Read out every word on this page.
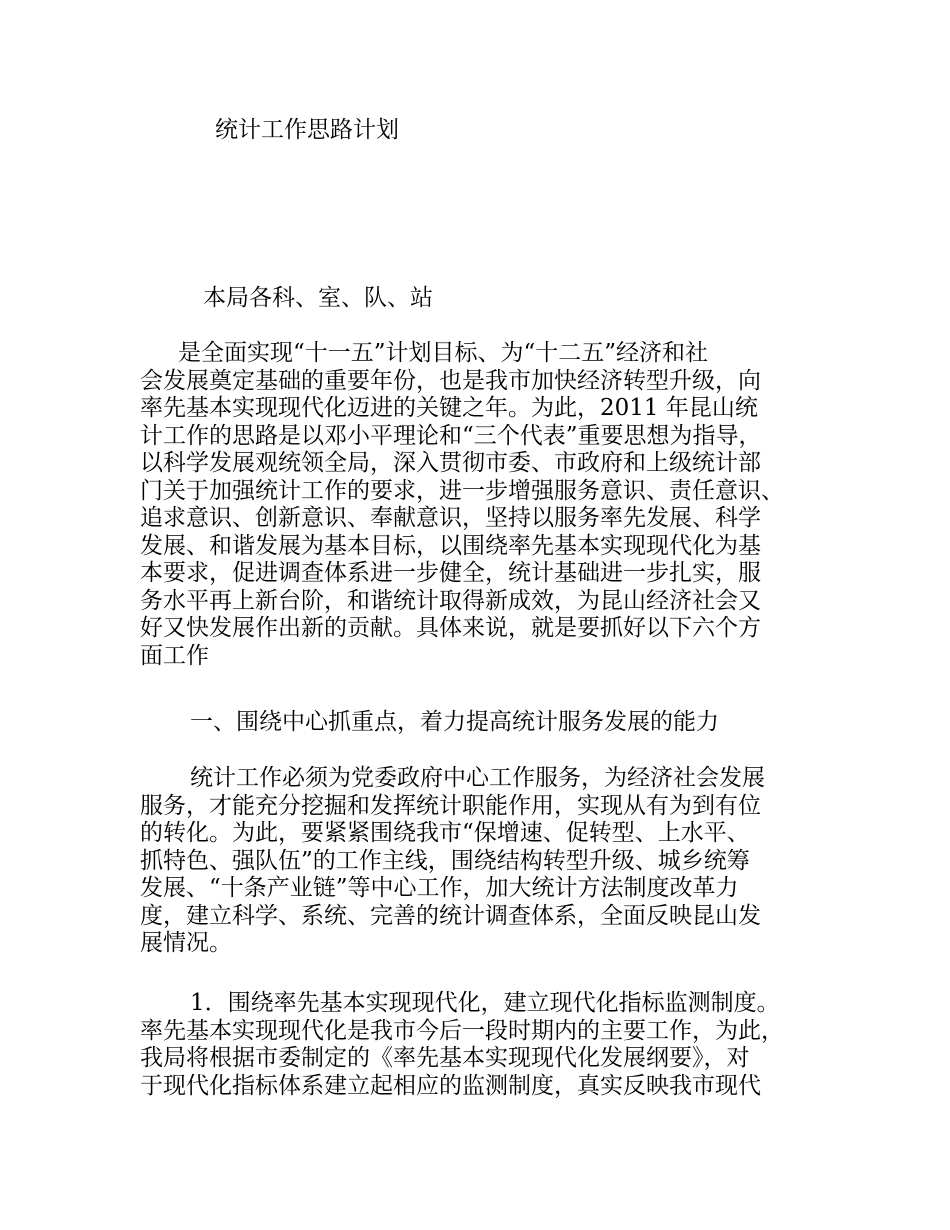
统计工作思路计划
本局各科、室、队、站
是全面实现“十一五”计划目标、为“十二五”经济和社
会发展奠定基础的重要年份，也是我市加快经济转型升级，向
率先基本实现现代化迈进的关键之年。为此，2011 年昆山统
计工作的思路是以邓小平理论和“三个代表”重要思想为指导，
以科学发展观统领全局，深入贯彻市委、市政府和上级统计部
门关于加强统计工作的要求，进一步增强服务意识、责任意识、
追求意识、创新意识、奉献意识，坚持以服务率先发展、科学
发展、和谐发展为基本目标，以围绕率先基本实现现代化为基
本要求，促进调查体系进一步健全，统计基础进一步扎实，服
务水平再上新台阶，和谐统计取得新成效，为昆山经济社会又
好又快发展作出新的贡献。具体来说，就是要抓好以下六个方
面工作
一、围绕中心抓重点，着力提高统计服务发展的能力
统计工作必须为党委政府中心工作服务，为经济社会发展
服务，才能充分挖掘和发挥统计职能作用，实现从有为到有位
的转化。为此，要紧紧围绕我市“保增速、促转型、上水平、
抓特色、强队伍”的工作主线，围绕结构转型升级、城乡统筹
发展、“十条产业链”等中心工作，加大统计方法制度改革力
度，建立科学、系统、完善的统计调查体系，全面反映昆山发
展情况。
1．围绕率先基本实现现代化，建立现代化指标监测制度。
率先基本实现现代化是我市今后一段时期内的主要工作，为此，
我局将根据市委制定的《率先基本实现现代化发展纲要》，对
于现代化指标体系建立起相应的监测制度，真实反映我市现代
